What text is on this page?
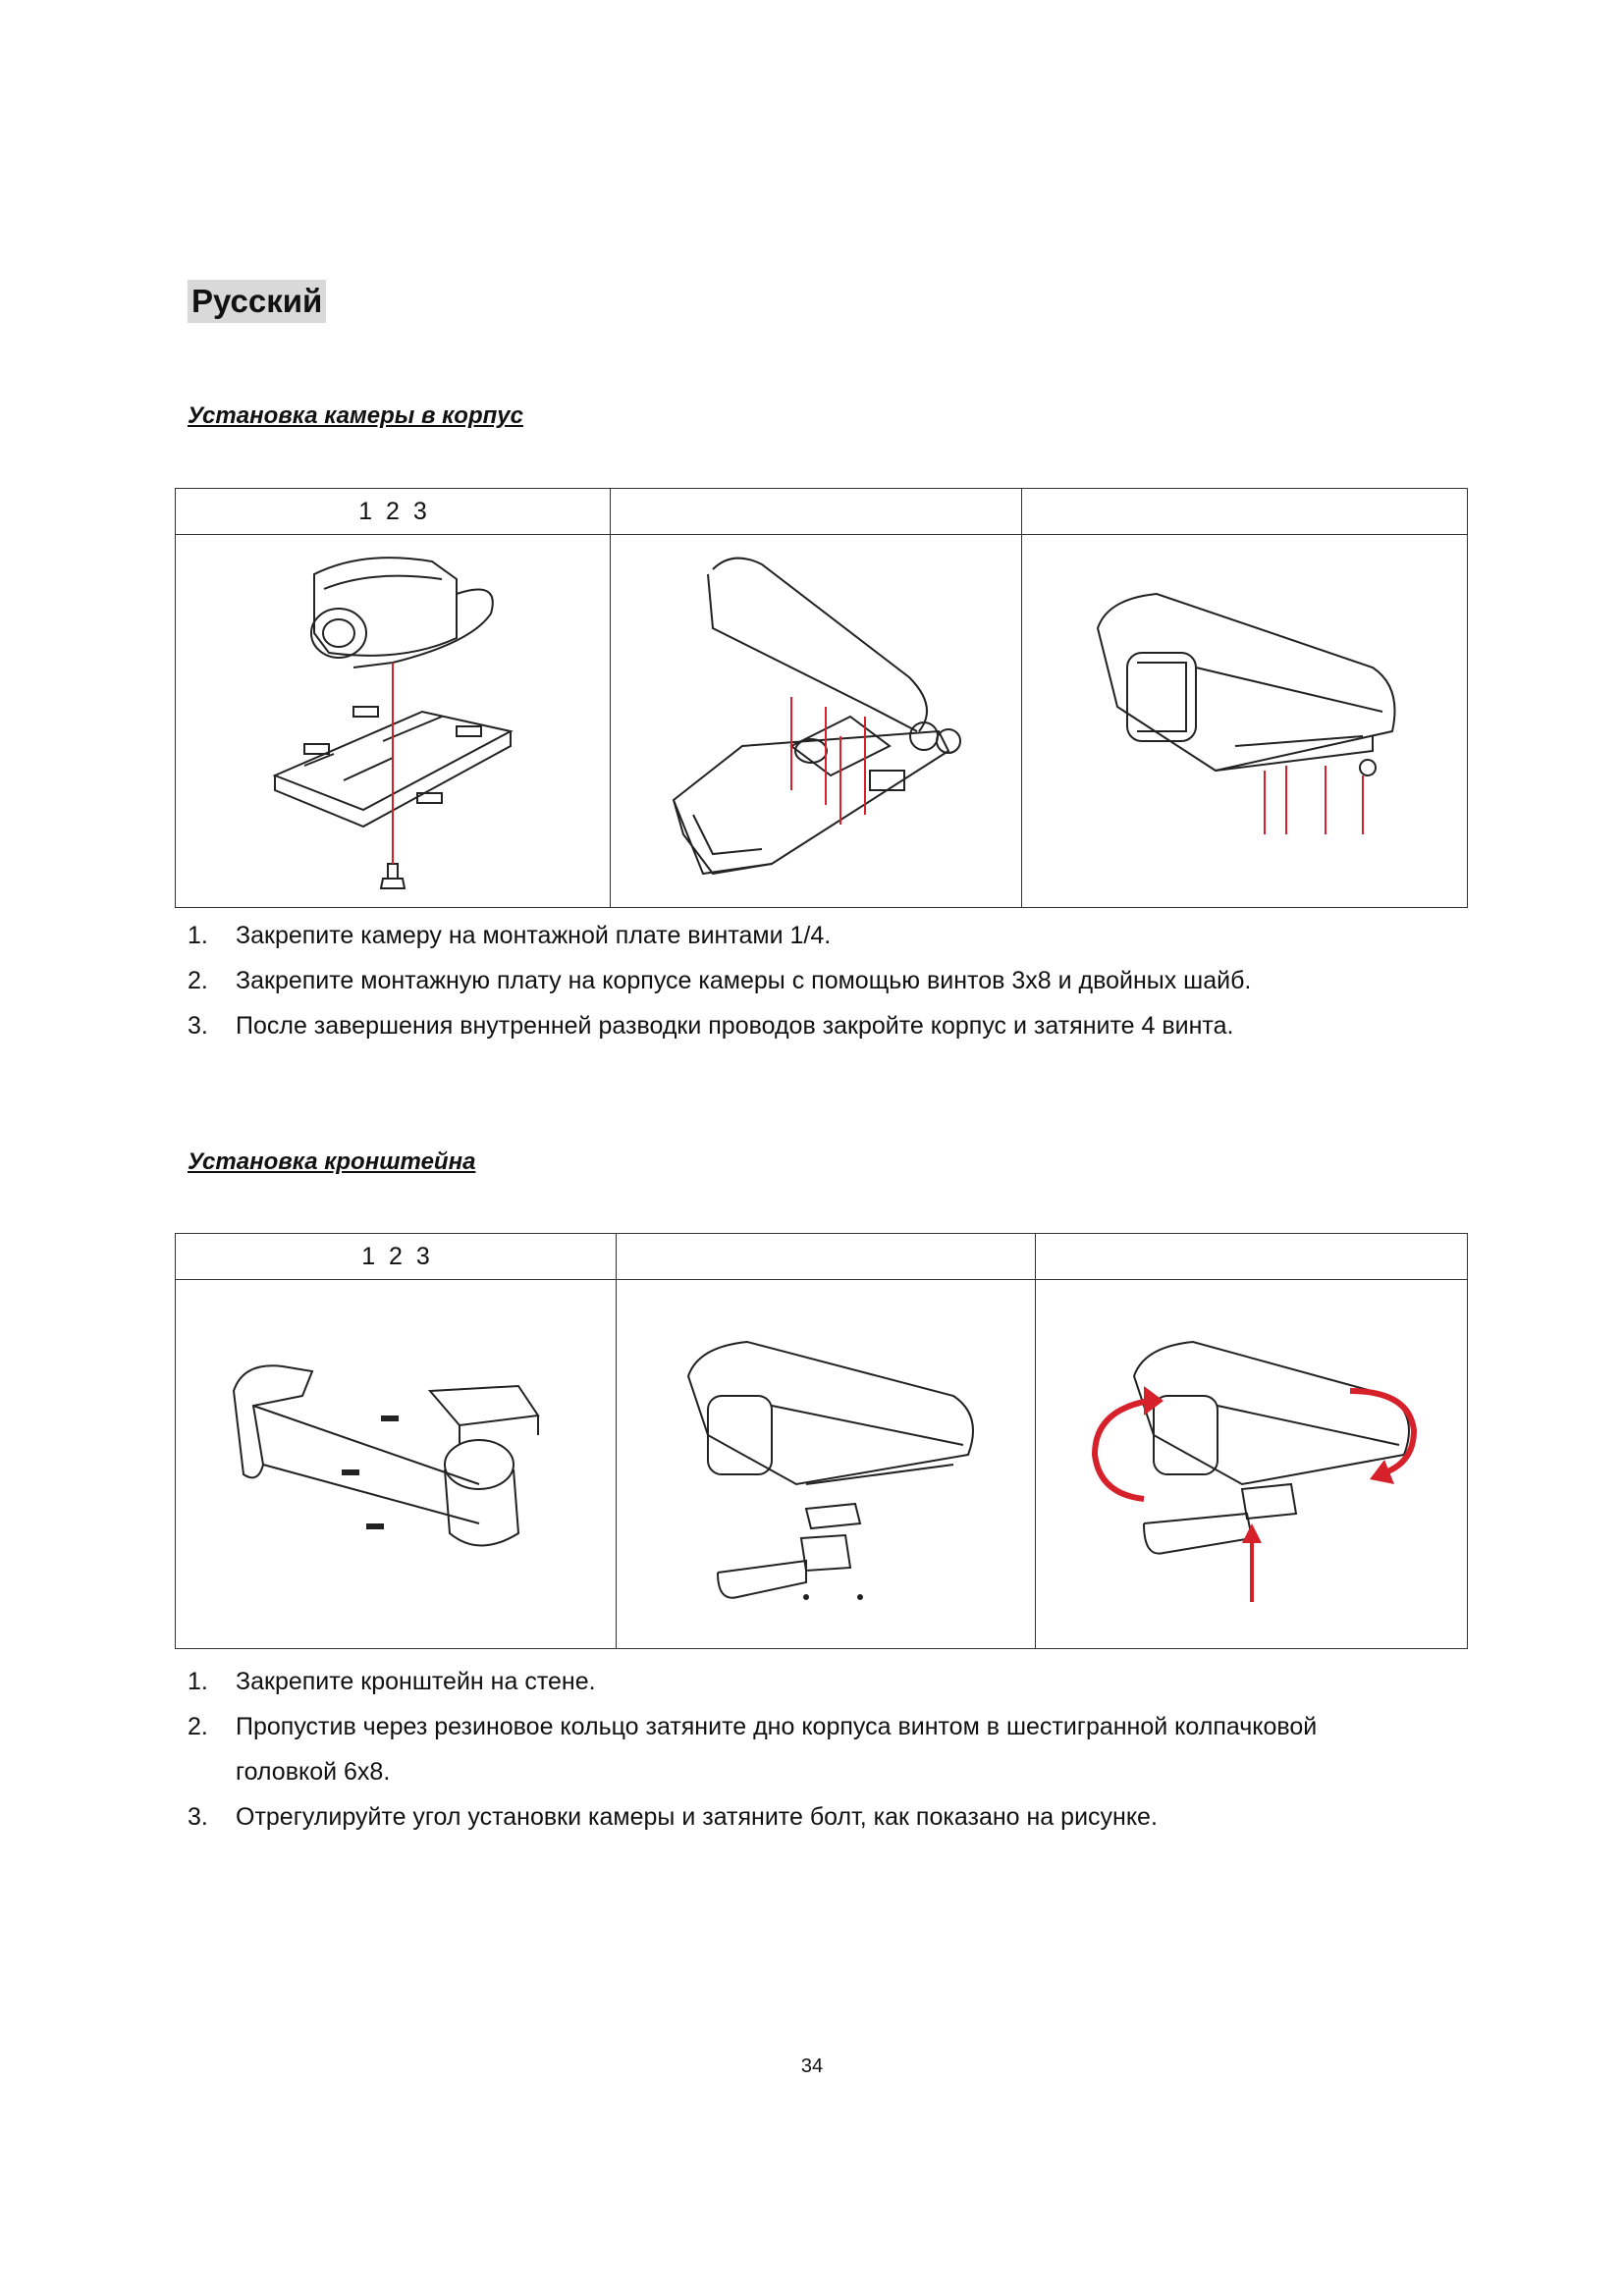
Русский
Установка камеры в корпус
1 2 3		

1. Закрепите камеру на монтажной плате винтами 1/4.
2. Закрепите монтажную плату на корпусе камеры с помощью винтов 3x8 и двойных шайб.
3. После завершения внутренней разводки проводов закройте корпус и затяните 4 винта.
Установка кронштейна
1 2 3		

1. Закрепите кронштейн на стене.
2. Пропустив через резиновое кольцо затяните дно корпуса винтом в шестигранной колпачковой головкой 6x8.
3. Отрегулируйте угол установки камеры и затяните болт, как показано на рисунке.
34
